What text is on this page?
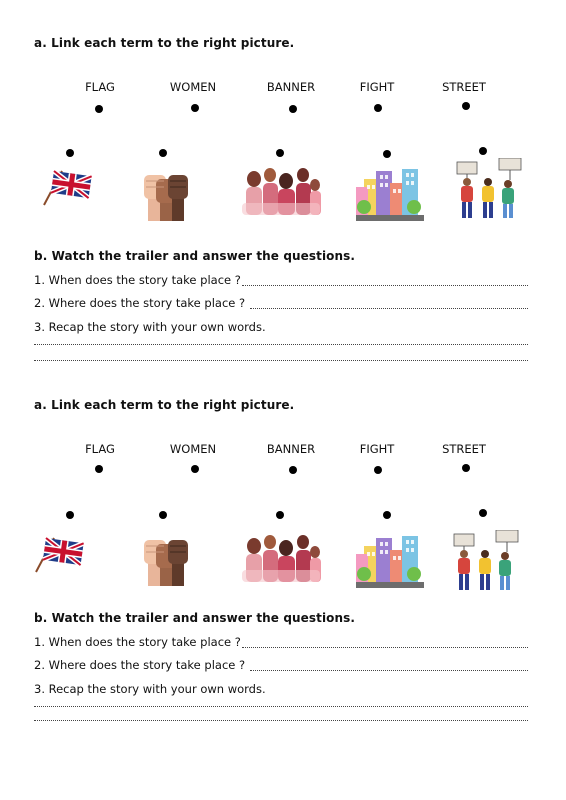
a. Link each term to the right picture.
FLAG	WOMEN	BANNER	FIGHT	STREET
b. Watch the trailer and answer the questions.
1. When does the story take place ?
2. Where does the story take place ?
3. Recap the story with your own words.
a. Link each term to the right picture.
FLAG	WOMEN	BANNER	FIGHT	STREET
b. Watch the trailer and answer the questions.
1. When does the story take place ?
2. Where does the story take place ?
3. Recap the story with your own words.
